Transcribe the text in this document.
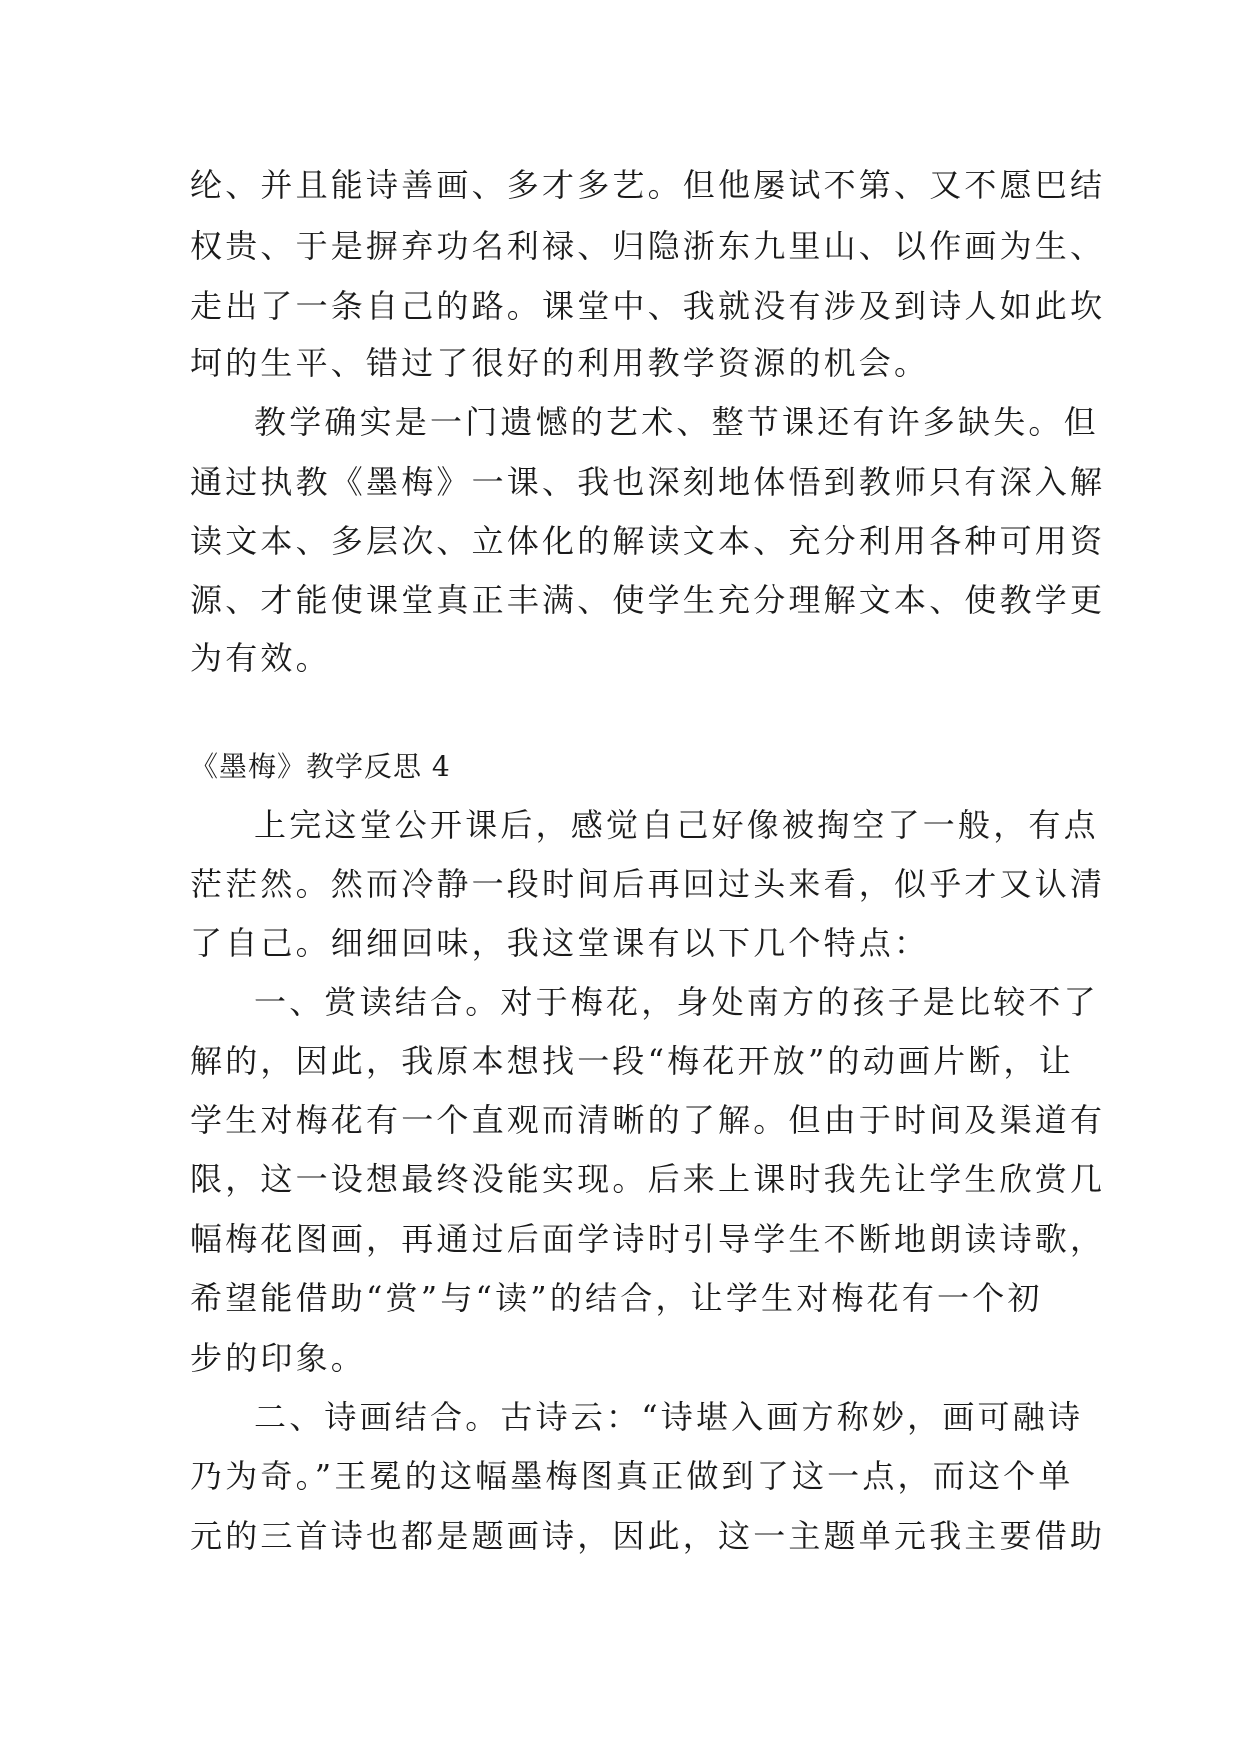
纶、并且能诗善画、多才多艺。但他屡试不第、又不愿巴结
权贵、于是摒弃功名利禄、归隐浙东九里山、以作画为生、
走出了一条自己的路。课堂中、我就没有涉及到诗人如此坎
坷的生平、错过了很好的利用教学资源的机会。
教学确实是一门遗憾的艺术、整节课还有许多缺失。但
通过执教《墨梅》一课、我也深刻地体悟到教师只有深入解
读文本、多层次、立体化的解读文本、充分利用各种可用资
源、才能使课堂真正丰满、使学生充分理解文本、使教学更
为有效。
《墨梅》教学反思 4
上完这堂公开课后，感觉自己好像被掏空了一般，有点
茫茫然。然而冷静一段时间后再回过头来看，似乎才又认清
了自己。细细回味，我这堂课有以下几个特点：
一、赏读结合。对于梅花，身处南方的孩子是比较不了
解的，因此，我原本想找一段“梅花开放”的动画片断，让
学生对梅花有一个直观而清晰的了解。但由于时间及渠道有
限，这一设想最终没能实现。后来上课时我先让学生欣赏几
幅梅花图画，再通过后面学诗时引导学生不断地朗读诗歌，
希望能借助“赏”与“读”的结合，让学生对梅花有一个初
步的印象。
二、诗画结合。古诗云：“诗堪入画方称妙，画可融诗
乃为奇。”王冕的这幅墨梅图真正做到了这一点，而这个单
元的三首诗也都是题画诗，因此，这一主题单元我主要借助
